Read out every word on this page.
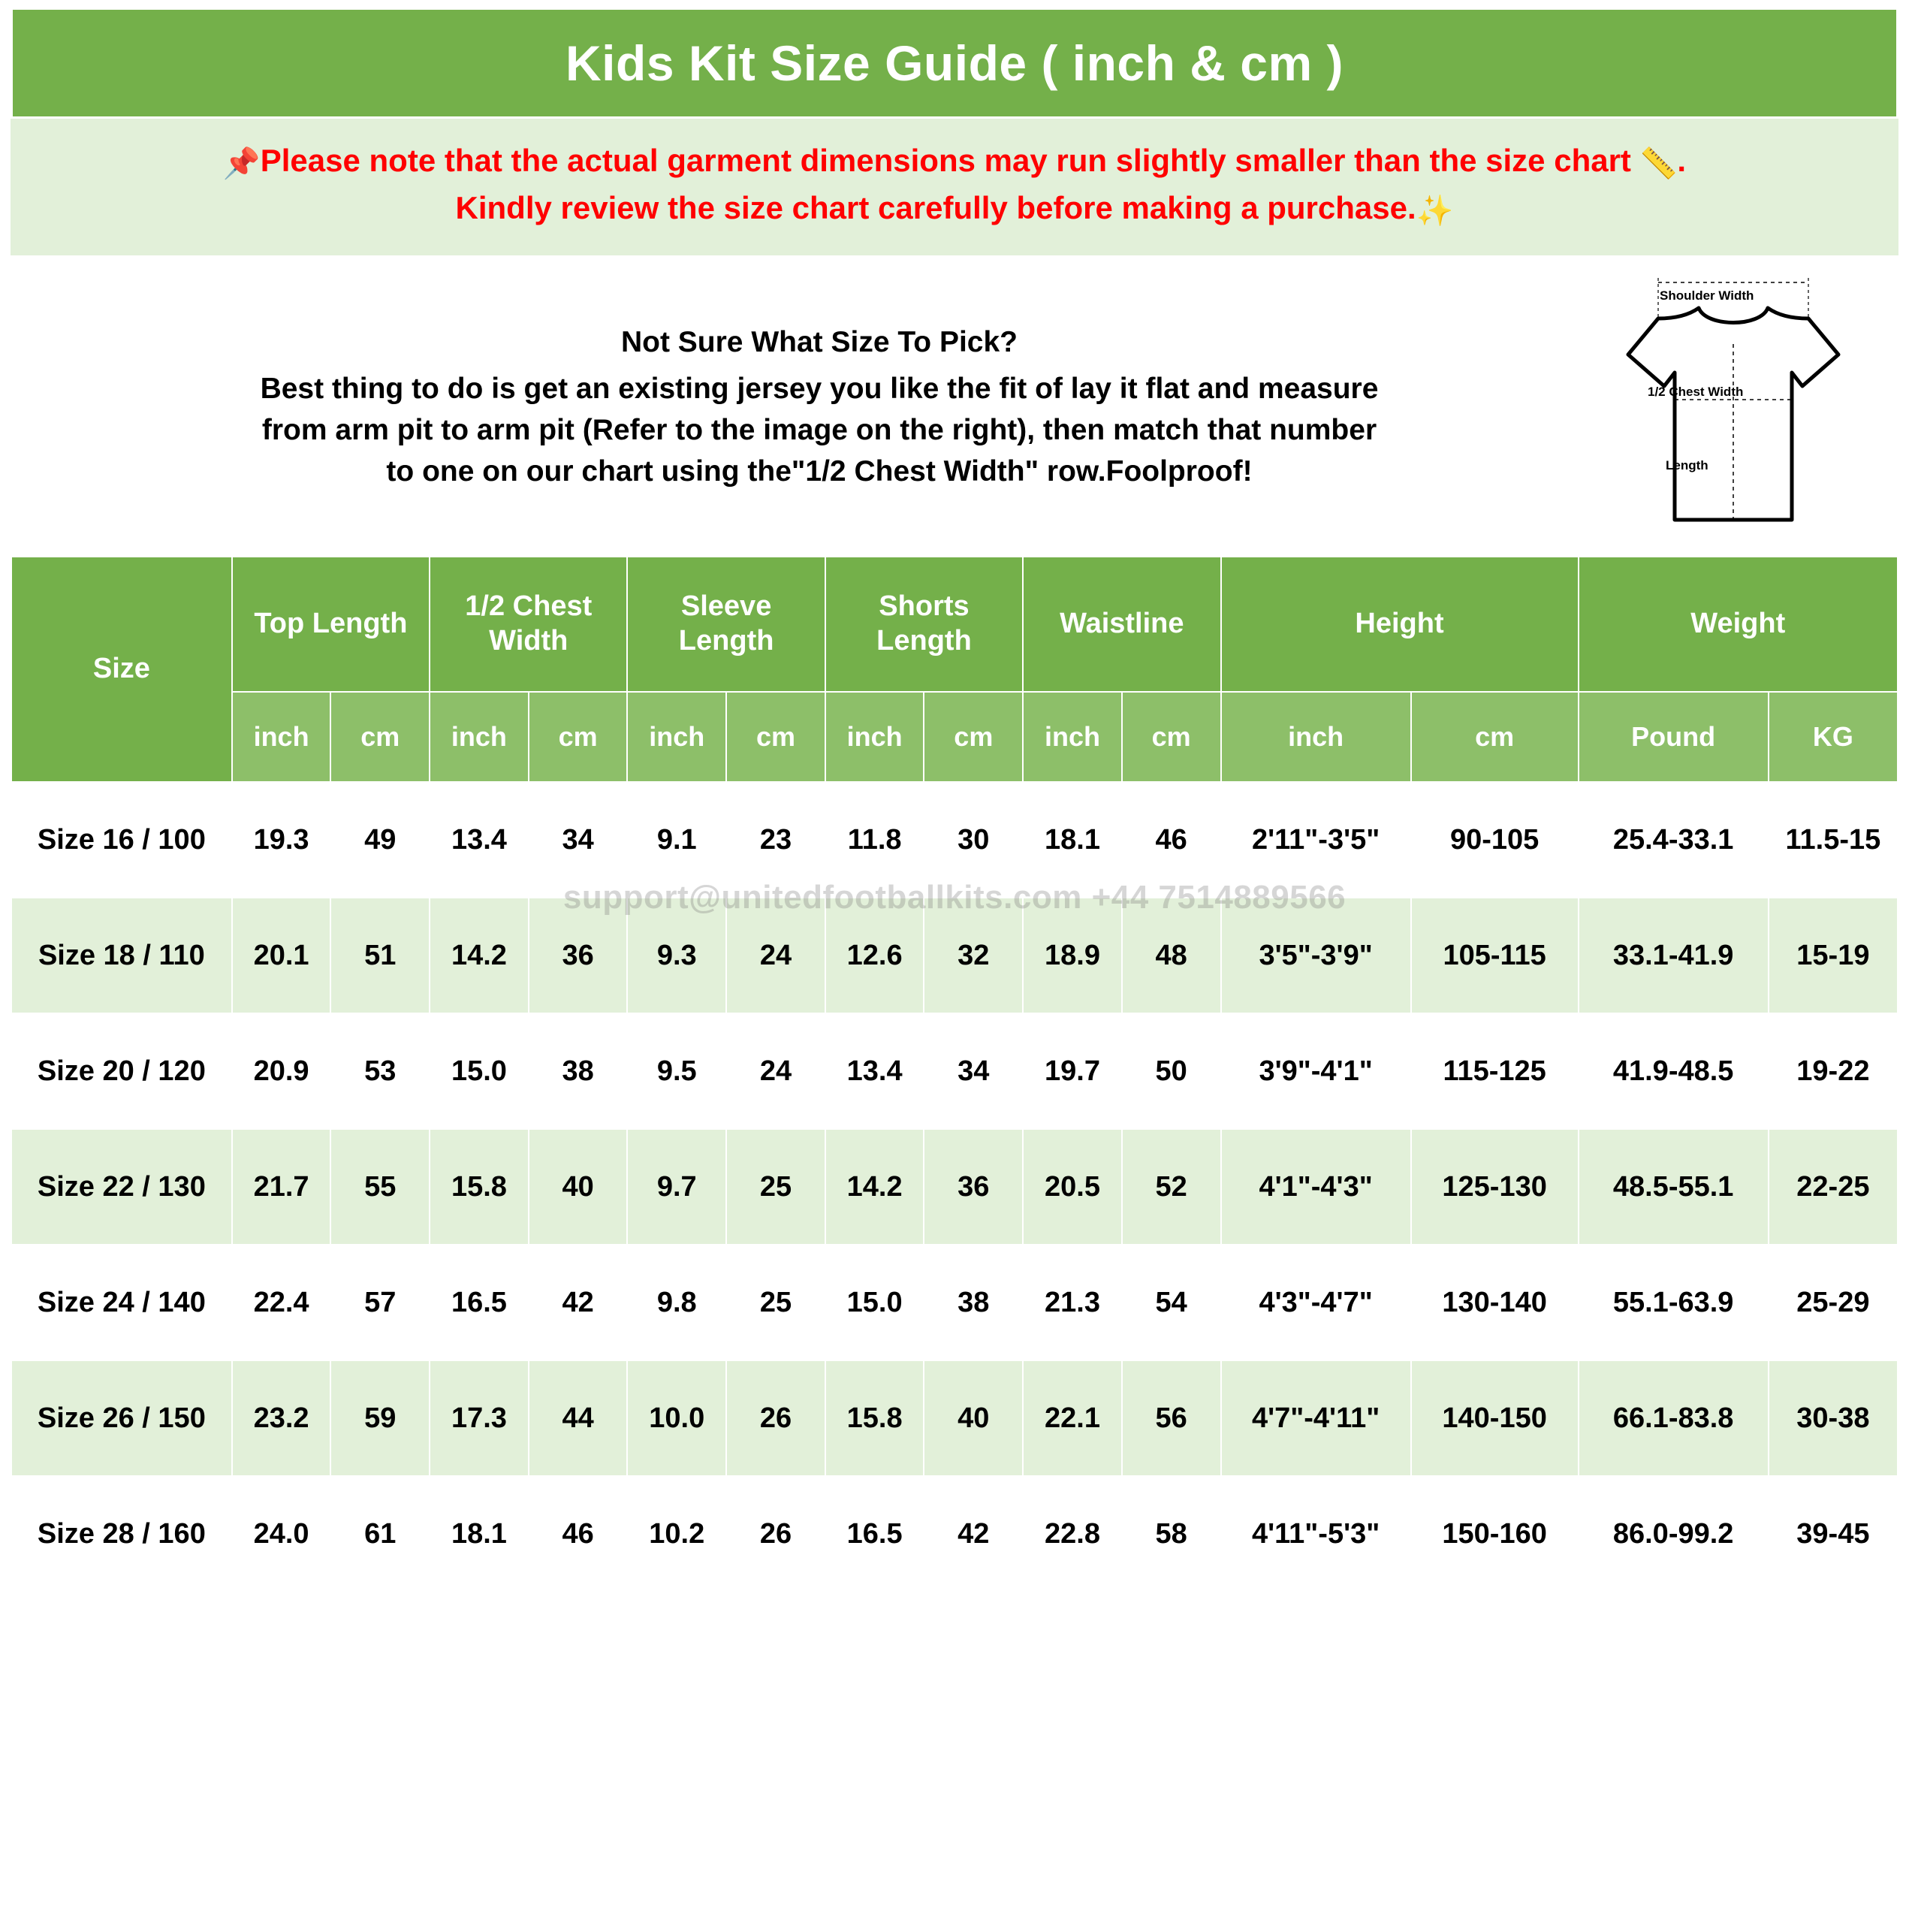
Kids Kit Size Guide ( inch & cm )
📌Please note that the actual garment dimensions may run slightly smaller than the size chart 📏.
Kindly review the size chart carefully before making a purchase.✨
Not Sure What Size To Pick?
Best thing to do is get an existing jersey you like the fit of lay it flat and measure
from arm pit to arm pit (Refer to the image on the right), then match that number
to one on our chart using the"1/2 Chest Width" row.Foolproof!
Shoulder Width
1/2 Chest Width
Length
Size	Top Length		1/2 Chest Width		Sleeve Length		Shorts Length		Waistline		Height		Weight	
	inch	cm	inch	cm	inch	cm	inch	cm	inch	cm	inch	cm	Pound	KG
Size 16 / 100	19.3	49	13.4	34	9.1	23	11.8	30	18.1	46	2'11"-3'5"	90-105	25.4-33.1	11.5-15
Size 18 / 110	20.1	51	14.2	36	9.3	24	12.6	32	18.9	48	3'5"-3'9"	105-115	33.1-41.9	15-19
Size 20 / 120	20.9	53	15.0	38	9.5	24	13.4	34	19.7	50	3'9"-4'1"	115-125	41.9-48.5	19-22
Size 22 / 130	21.7	55	15.8	40	9.7	25	14.2	36	20.5	52	4'1"-4'3"	125-130	48.5-55.1	22-25
Size 24 / 140	22.4	57	16.5	42	9.8	25	15.0	38	21.3	54	4'3"-4'7"	130-140	55.1-63.9	25-29
Size 26 / 150	23.2	59	17.3	44	10.0	26	15.8	40	22.1	56	4'7"-4'11"	140-150	66.1-83.8	30-38
Size 28 / 160	24.0	61	18.1	46	10.2	26	16.5	42	22.8	58	4'11"-5'3"	150-160	86.0-99.2	39-45
support@unitedfootballkits.com +44 7514889566
